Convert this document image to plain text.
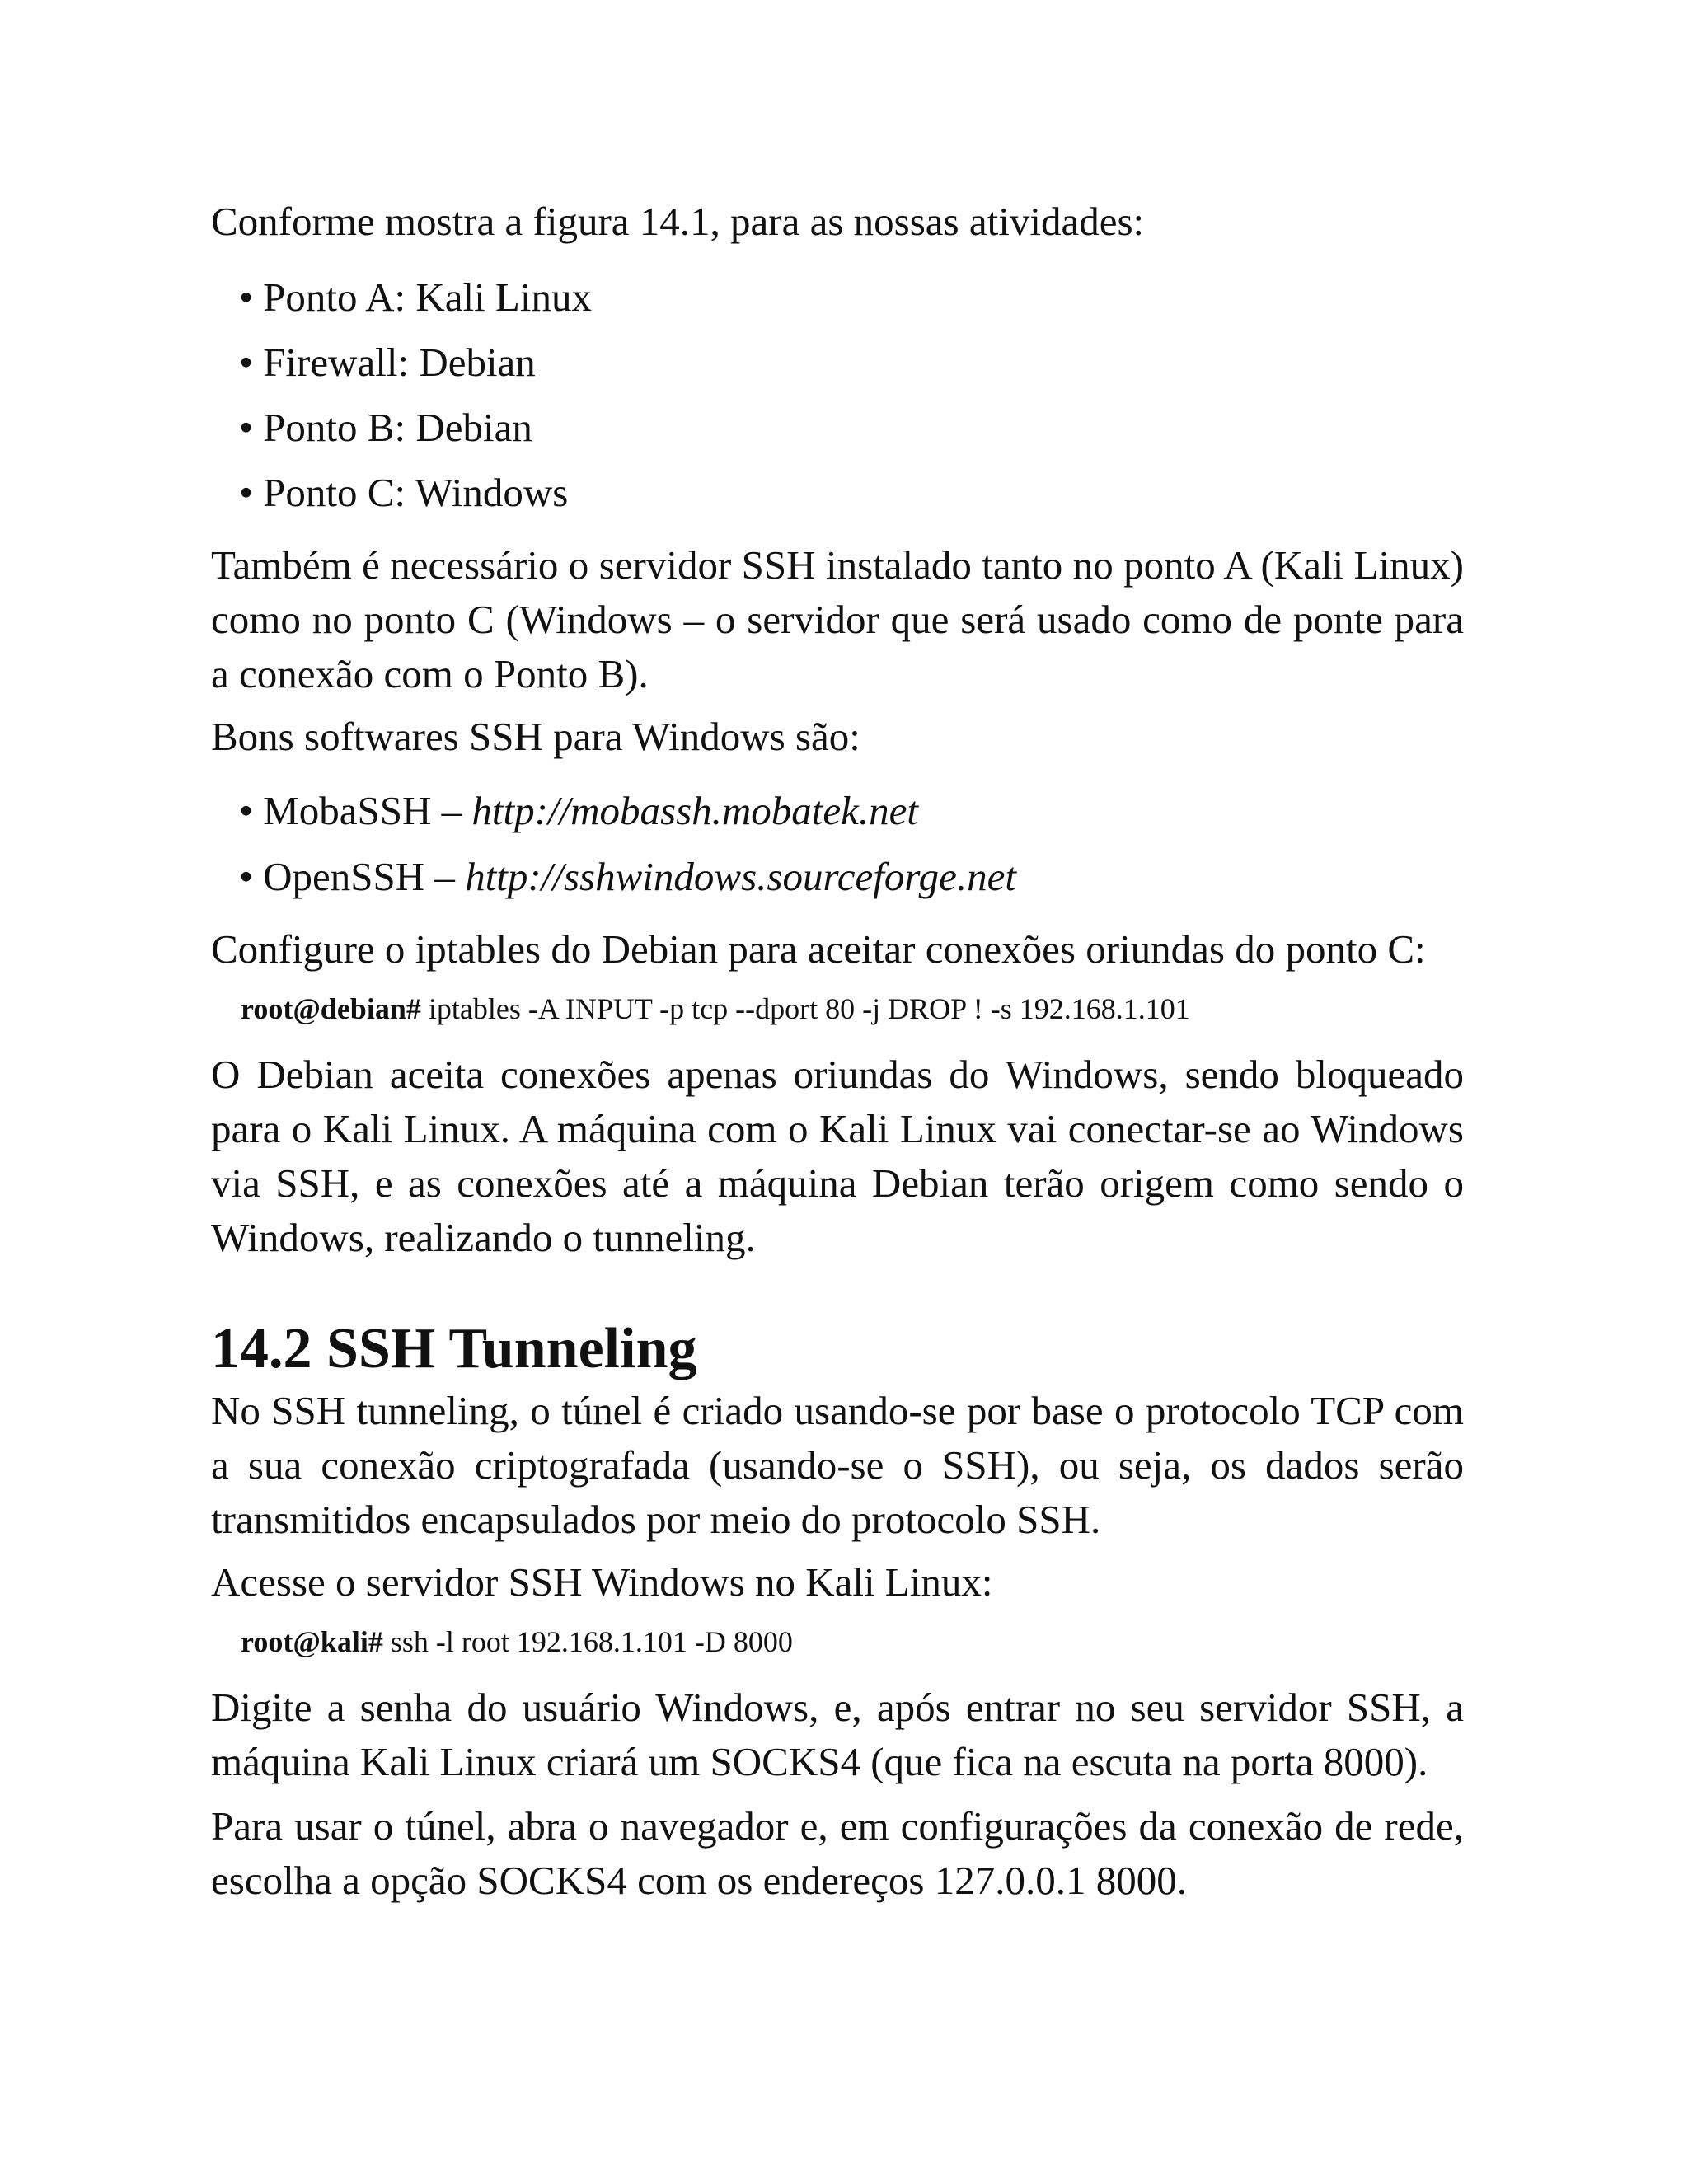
Conforme mostra a figura 14.1, para as nossas atividades:

• Ponto A: Kali Linux
• Firewall: Debian
• Ponto B: Debian
• Ponto C: Windows

Também é necessário o servidor SSH instalado tanto no ponto A (Kali Linux) como no ponto C (Windows – o servidor que será usado como de ponte para a conexão com o Ponto B).

Bons softwares SSH para Windows são:

• MobaSSH – http://mobassh.mobatek.net
• OpenSSH – http://sshwindows.sourceforge.net

Configure o iptables do Debian para aceitar conexões oriundas do ponto C:

root@debian# iptables -A INPUT -p tcp --dport 80 -j DROP ! -s 192.168.1.101

O Debian aceita conexões apenas oriundas do Windows, sendo bloqueado para o Kali Linux. A máquina com o Kali Linux vai conectar-se ao Windows via SSH, e as conexões até a máquina Debian terão origem como sendo o Windows, realizando o tunneling.

14.2 SSH Tunneling

No SSH tunneling, o túnel é criado usando-se por base o protocolo TCP com a sua conexão criptografada (usando-se o SSH), ou seja, os dados serão transmitidos encapsulados por meio do protocolo SSH.

Acesse o servidor SSH Windows no Kali Linux:

root@kali# ssh -l root 192.168.1.101 -D 8000

Digite a senha do usuário Windows, e, após entrar no seu servidor SSH, a máquina Kali Linux criará um SOCKS4 (que fica na escuta na porta 8000).

Para usar o túnel, abra o navegador e, em configurações da conexão de rede, escolha a opção SOCKS4 com os endereços 127.0.0.1 8000.
